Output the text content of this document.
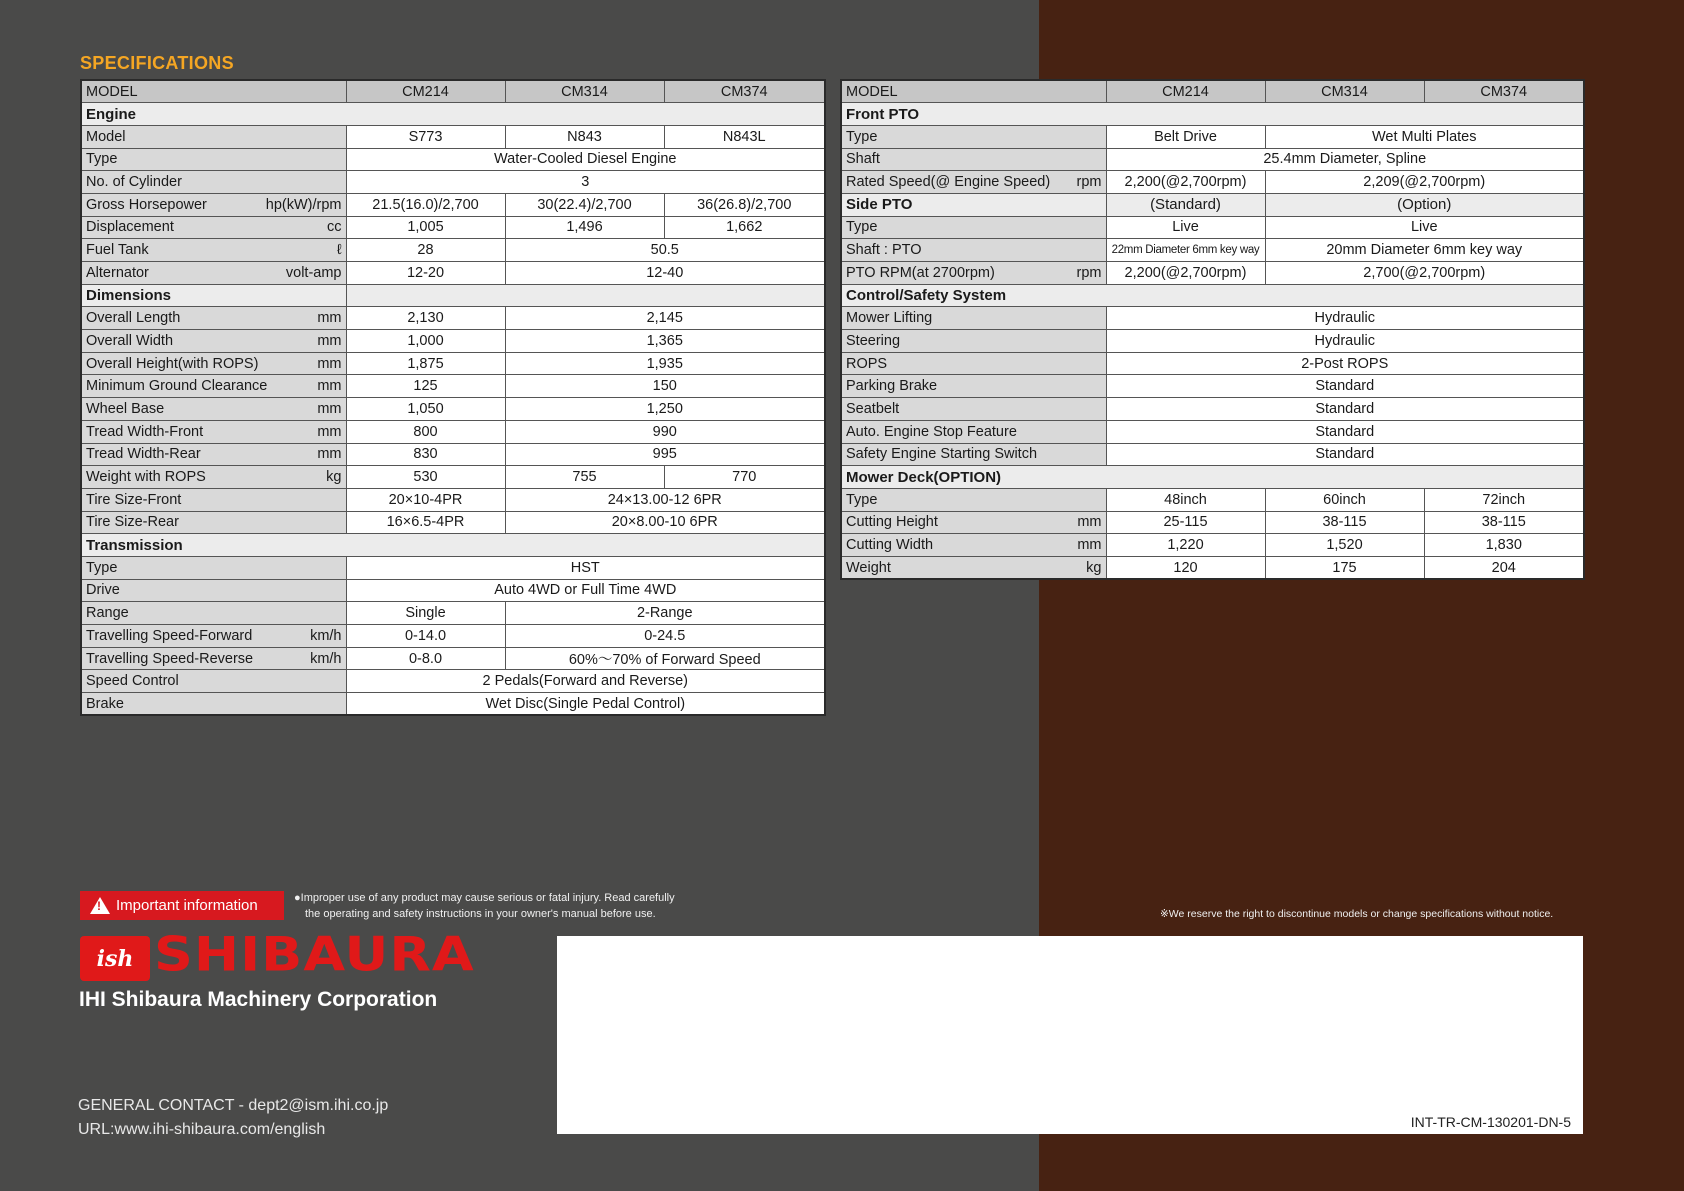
SPECIFICATIONS
MODEL	CM214	CM314	CM374
Engine			
Model	S773	N843	N843L
Type	Water-Cooled Diesel Engine		
No. of Cylinder	3		
Gross Horsepower hp(kW)/rpm	21.5(16.0)/2,700	30(22.4)/2,700	36(26.8)/2,700
Displacement cc	1,005	1,496	1,662
Fuel Tank ℓ	28	50.5	
Alternator volt-amp	12-20	12-40	
Dimensions			
Overall Length mm	2,130	2,145	
Overall Width mm	1,000	1,365	
Overall Height(with ROPS) mm	1,875	1,935	
Minimum Ground Clearance mm	125	150	
Wheel Base mm	1,050	1,250	
Tread Width-Front mm	800	990	
Tread Width-Rear mm	830	995	
Weight with ROPS kg	530	755	770
Tire Size-Front	20×10-4PR	24×13.00-12 6PR	
Tire Size-Rear	16×6.5-4PR	20×8.00-10 6PR	
Transmission			
Type	HST		
Drive	Auto 4WD or Full Time 4WD		
Range	Single	2-Range	
Travelling Speed-Forward km/h	0-14.0	0-24.5	
Travelling Speed-Reverse km/h	0-8.0	60%〜70% of Forward Speed	
Speed Control	2 Pedals(Forward and Reverse)		
Brake	Wet Disc(Single Pedal Control)		
MODEL	CM214	CM314	CM374
Front PTO			
Type	Belt Drive	Wet Multi Plates	
Shaft	25.4mm Diameter, Spline		
Rated Speed(@ Engine Speed) rpm	2,200(@2,700rpm)	2,209(@2,700rpm)	
Side PTO	(Standard)	(Option)	
Type	Live	Live	
Shaft : PTO	22mm Diameter 6mm key way	20mm Diameter 6mm key way	
PTO RPM(at 2700rpm) rpm	2,200(@2,700rpm)	2,700(@2,700rpm)	
Control/Safety System			
Mower Lifting	Hydraulic		
Steering	Hydraulic		
ROPS	2-Post ROPS		
Parking Brake	Standard		
Seatbelt	Standard		
Auto. Engine Stop Feature	Standard		
Safety Engine Starting Switch	Standard		
Mower Deck(OPTION)			
Type	48inch	60inch	72inch
Cutting Height mm	25-115	38-115	38-115
Cutting Width mm	1,220	1,520	1,830
Weight kg	120	175	204
!
Important information	●Improper use of any product may cause serious or fatal injury. Read carefully
the operating and safety instructions in your owner's manual before use.	※We reserve the right to discontinue models or change specifications without notice.
ish SHIBAURA
IHI Shibaura Machinery Corporation
GENERAL CONTACT - dept2@ism.ihi.co.jp
URL:www.ihi-shibaura.com/english	INT-TR-CM-130201-DN-5
